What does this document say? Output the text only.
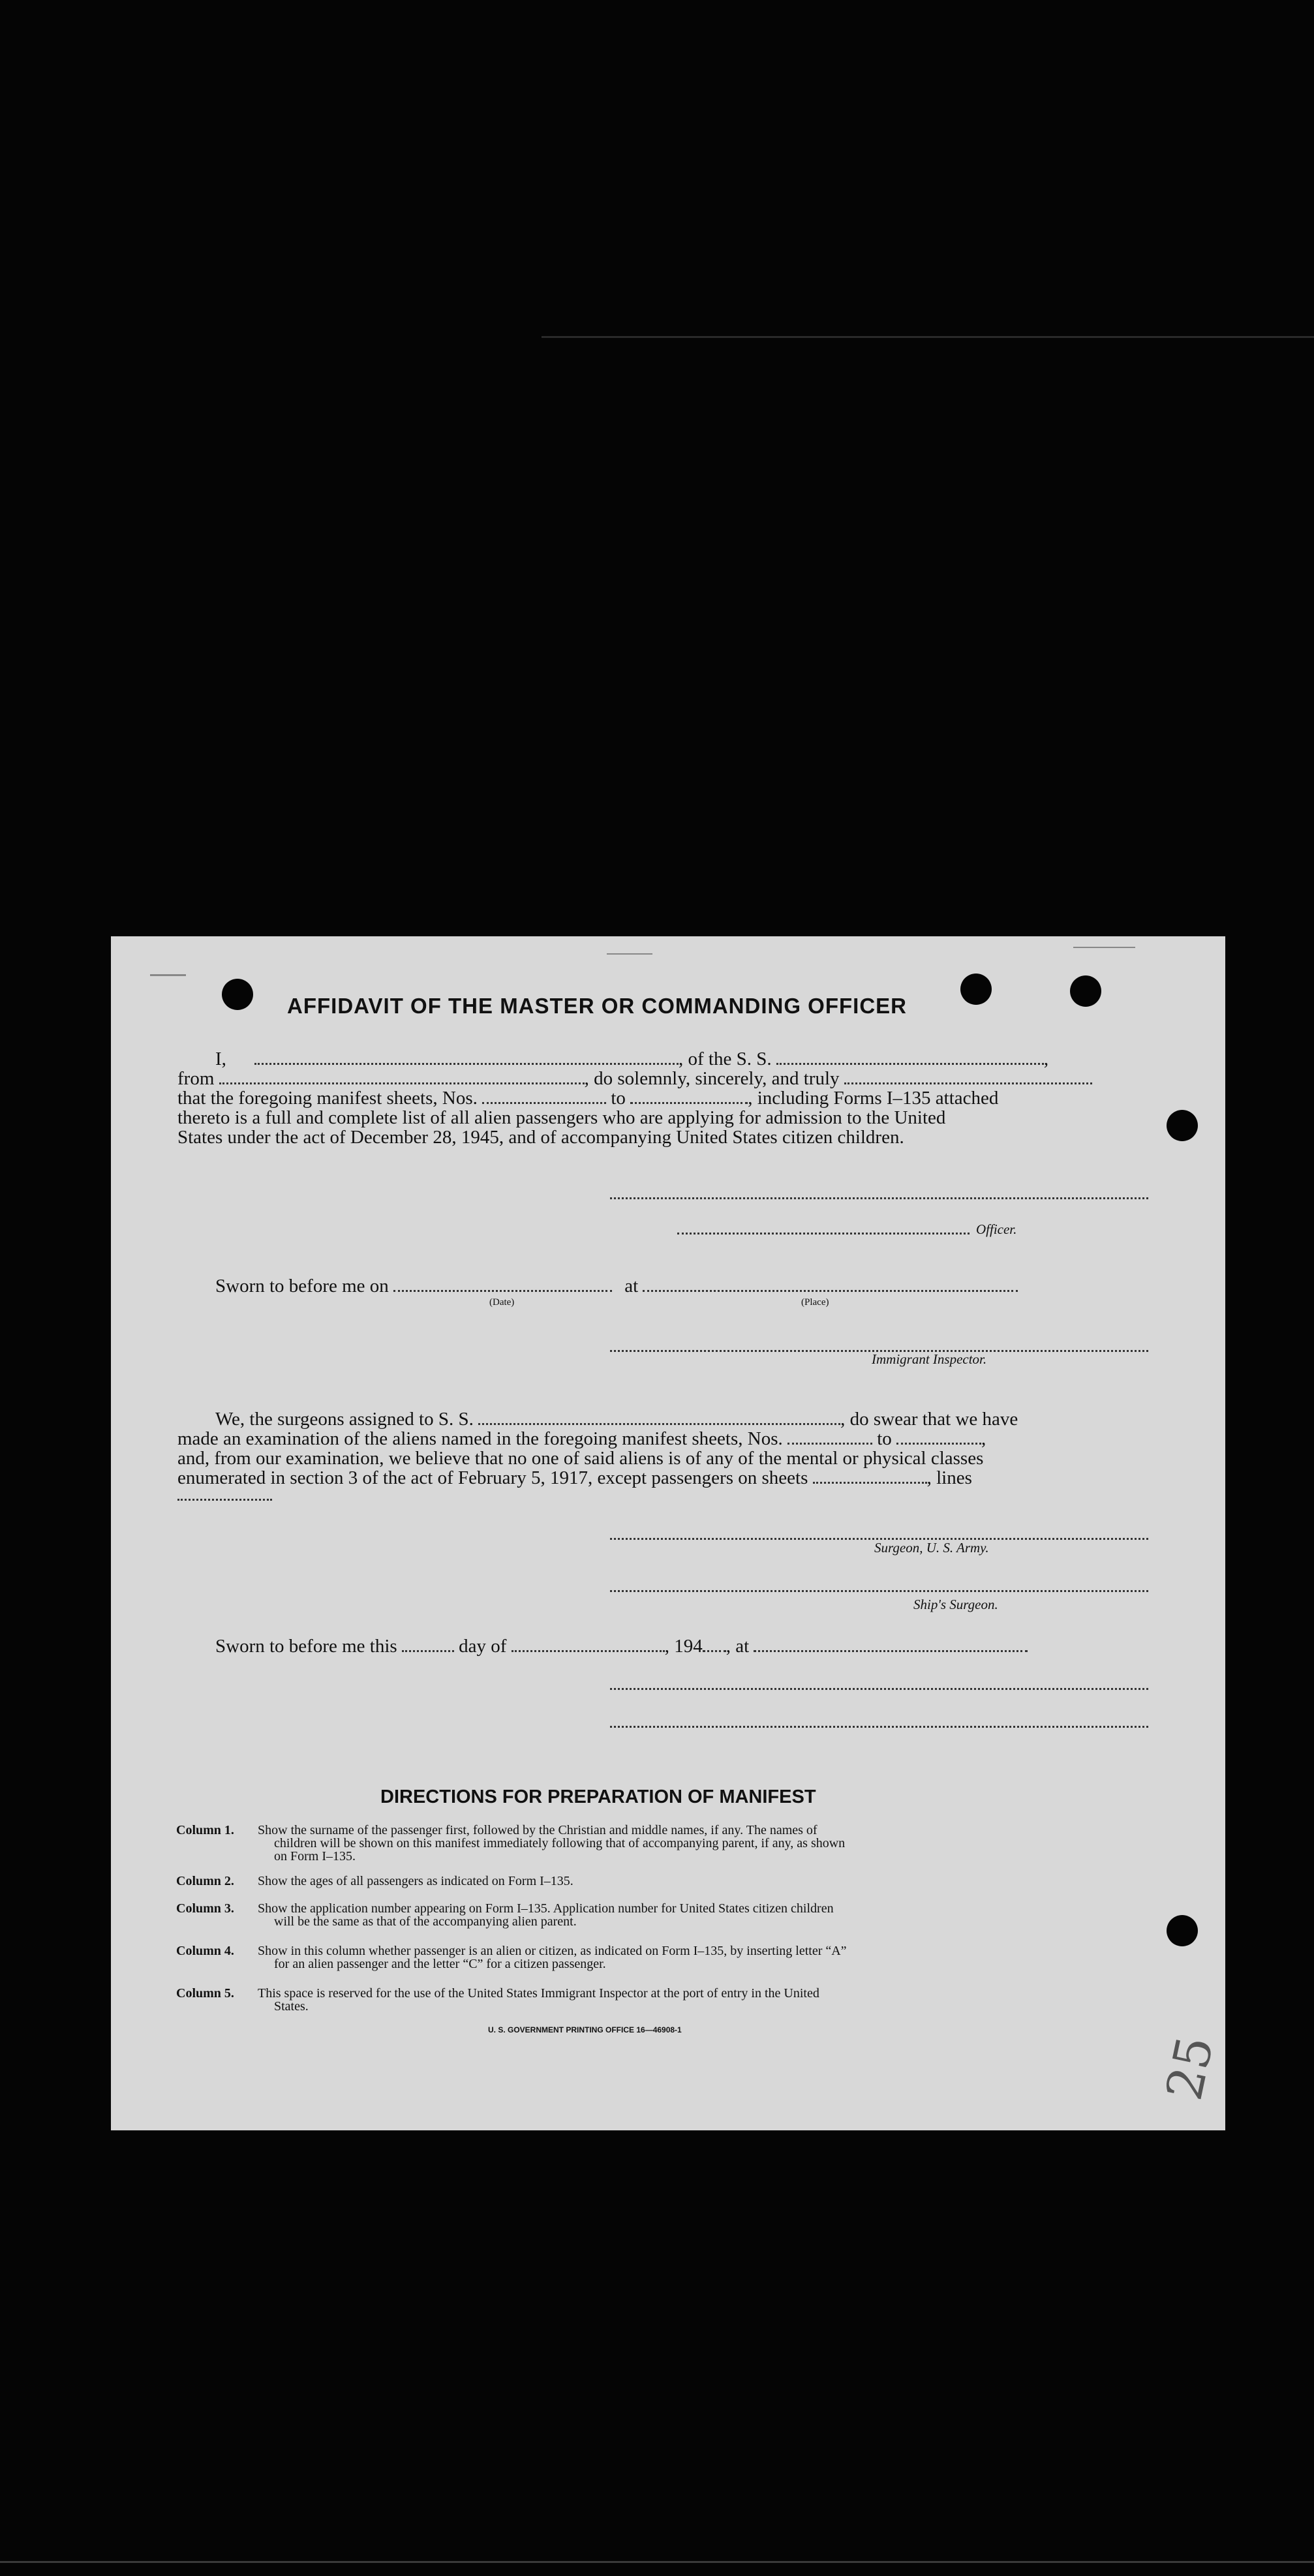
AFFIDAVIT OF THE MASTER OR COMMANDING OFFICER
I,	, of the S. S.	,
from	, do solemnly, sincerely, and truly
that the foregoing manifest sheets, Nos.	to	, including Forms I–135 attached
thereto is a full and complete list of all alien passengers who are applying for admission to the United
States under the act of December 28, 1945, and of accompanying United States citizen children.
Officer.
Sworn to before me on	at
(Date)	(Place)
Immigrant Inspector.
We, the surgeons assigned to S. S.	, do swear that we have
made an examination of the aliens named in the foregoing manifest sheets, Nos.	to	,
and, from our examination, we believe that no one of said aliens is of any of the mental or physical classes
enumerated in section 3 of the act of February 5, 1917, except passengers on sheets	, lines
Surgeon, U. S. Army.
Ship's Surgeon.
Sworn to before me this	day of	, 194 , at
DIRECTIONS FOR PREPARATION OF MANIFEST
Column 1.	Show the surname of the passenger first, followed by the Christian and middle names, if any. The names of
children will be shown on this manifest immediately following that of accompanying parent, if any, as shown
on Form I–135.
Column 2.	Show the ages of all passengers as indicated on Form I–135.
Column 3.	Show the application number appearing on Form I–135. Application number for United States citizen children
will be the same as that of the accompanying alien parent.
Column 4.	Show in this column whether passenger is an alien or citizen, as indicated on Form I–135, by inserting letter “A”
for an alien passenger and the letter “C” for a citizen passenger.
Column 5.	This space is reserved for the use of the United States Immigrant Inspector at the port of entry in the United
States.
U. S. GOVERNMENT PRINTING OFFICE 16—46908-1
25
